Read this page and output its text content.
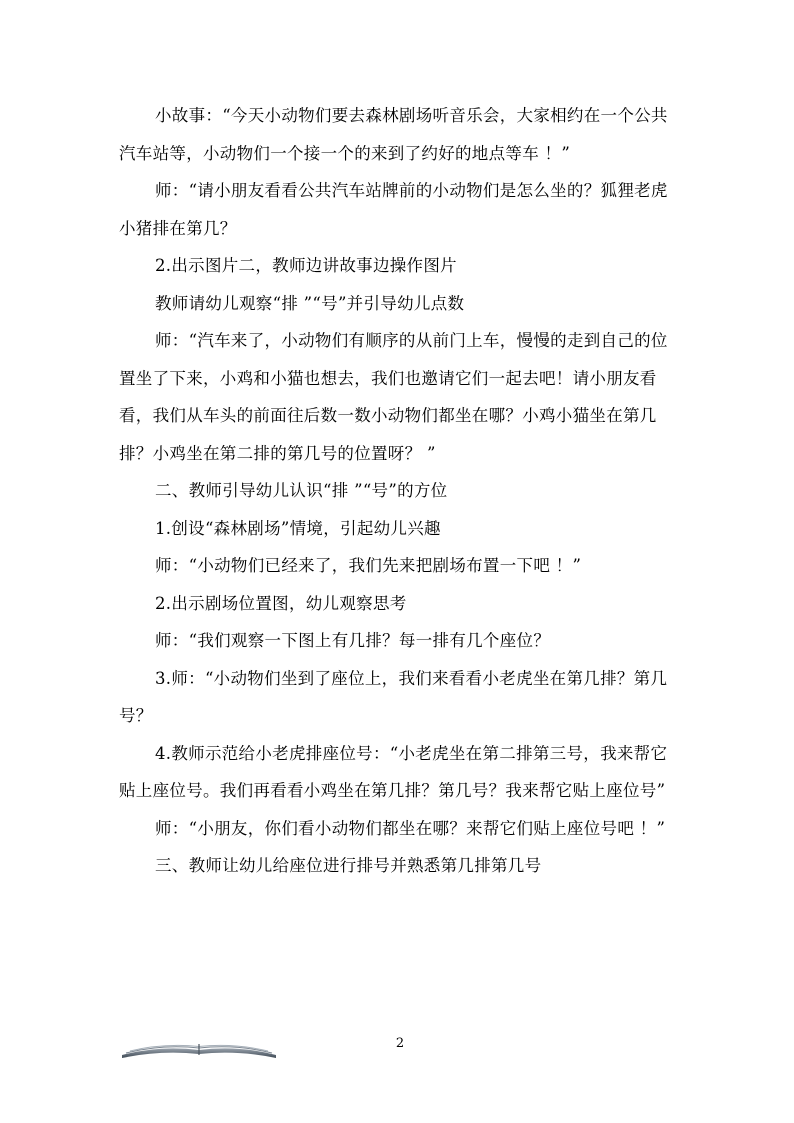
小故事：“今天小动物们要去森林剧场听音乐会，大家相约在一个公共汽车站等，小动物们一个接一个的来到了约好的地点等车 ！”

师：“请小朋友看看公共汽车站牌前的小动物们是怎么坐的？狐狸老虎小猪排在第几？

2.出示图片二，教师边讲故事边操作图片

教师请幼儿观察“排 ”“号”并引导幼儿点数

师：“汽车来了，小动物们有顺序的从前门上车，慢慢的走到自己的位置坐了下来，小鸡和小猫也想去，我们也邀请它们一起去吧！请小朋友看看，我们从车头的前面往后数一数小动物们都坐在哪？小鸡小猫坐在第几排？小鸡坐在第二排的第几号的位置呀？ ”

二、教师引导幼儿认识“排 ”“号”的方位

1.创设“森林剧场”情境，引起幼儿兴趣

师：“小动物们已经来了，我们先来把剧场布置一下吧 ！”

2.出示剧场位置图，幼儿观察思考

师：“我们观察一下图上有几排？每一排有几个座位？

3.师：“小动物们坐到了座位上，我们来看看小老虎坐在第几排？第几号？

4.教师示范给小老虎排座位号：“小老虎坐在第二排第三号，我来帮它贴上座位号。我们再看看小鸡坐在第几排？第几号？我来帮它贴上座位号”

师：“小朋友，你们看小动物们都坐在哪？来帮它们贴上座位号吧 ！”

三、教师让幼儿给座位进行排号并熟悉第几排第几号

2
